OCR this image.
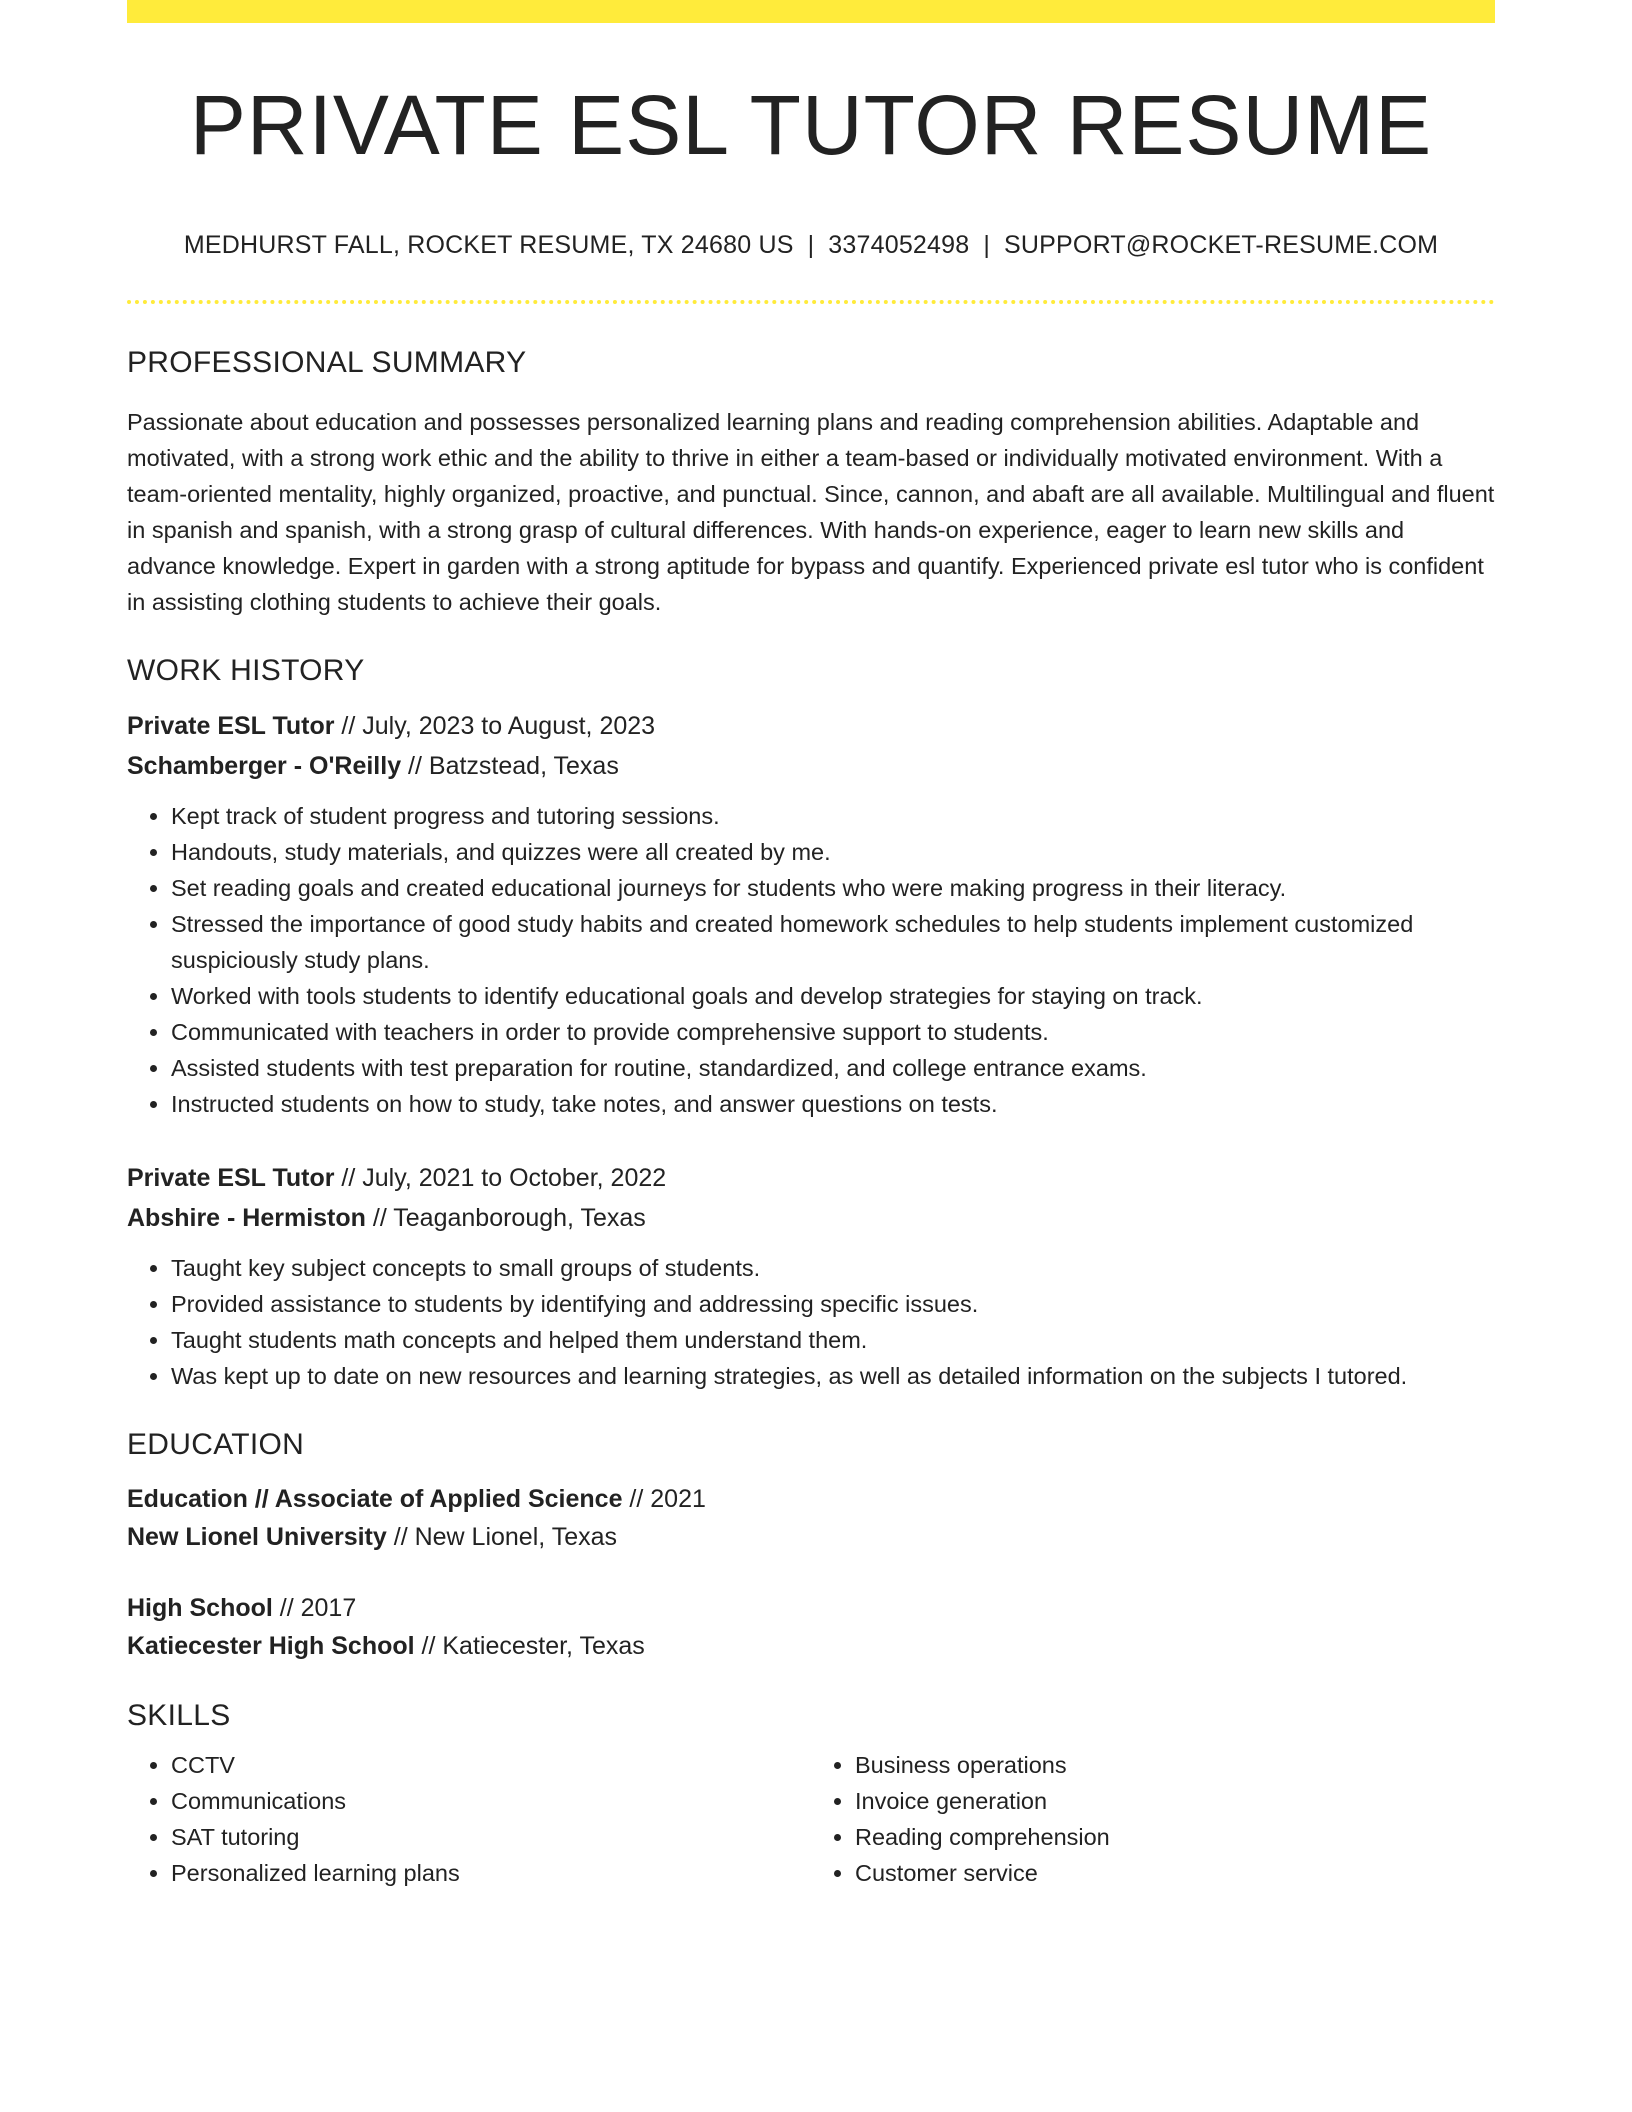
PRIVATE ESL TUTOR RESUME
MEDHURST FALL, ROCKET RESUME, TX 24680 US | 3374052498 | SUPPORT@ROCKET-RESUME.COM
PROFESSIONAL SUMMARY

Passionate about education and possesses personalized learning plans and reading comprehension abilities. Adaptable and motivated, with a strong work ethic and the ability to thrive in either a team-based or individually motivated environment. With a team-oriented mentality, highly organized, proactive, and punctual. Since, cannon, and abaft are all available. Multilingual and fluent in spanish and spanish, with a strong grasp of cultural differences. With hands-on experience, eager to learn new skills and advance knowledge. Expert in garden with a strong aptitude for bypass and quantify. Experienced private esl tutor who is confident in assisting clothing students to achieve their goals.

WORK HISTORY
Private ESL Tutor // July, 2023 to August, 2023
Schamberger - O'Reilly // Batzstead, Texas
• Kept track of student progress and tutoring sessions.
• Handouts, study materials, and quizzes were all created by me.
• Set reading goals and created educational journeys for students who were making progress in their literacy.
• Stressed the importance of good study habits and created homework schedules to help students implement customized suspiciously study plans.
• Worked with tools students to identify educational goals and develop strategies for staying on track.
• Communicated with teachers in order to provide comprehensive support to students.
• Assisted students with test preparation for routine, standardized, and college entrance exams.
• Instructed students on how to study, take notes, and answer questions on tests.
Private ESL Tutor // July, 2021 to October, 2022
Abshire - Hermiston // Teaganborough, Texas
• Taught key subject concepts to small groups of students.
• Provided assistance to students by identifying and addressing specific issues.
• Taught students math concepts and helped them understand them.
• Was kept up to date on new resources and learning strategies, as well as detailed information on the subjects I tutored.
EDUCATION
Education // Associate of Applied Science // 2021
New Lionel University // New Lionel, Texas
High School // 2017
Katiecester High School // Katiecester, Texas
SKILLS
• CCTV
• Communications
• SAT tutoring
• Personalized learning plans
• Business operations
• Invoice generation
• Reading comprehension
• Customer service
